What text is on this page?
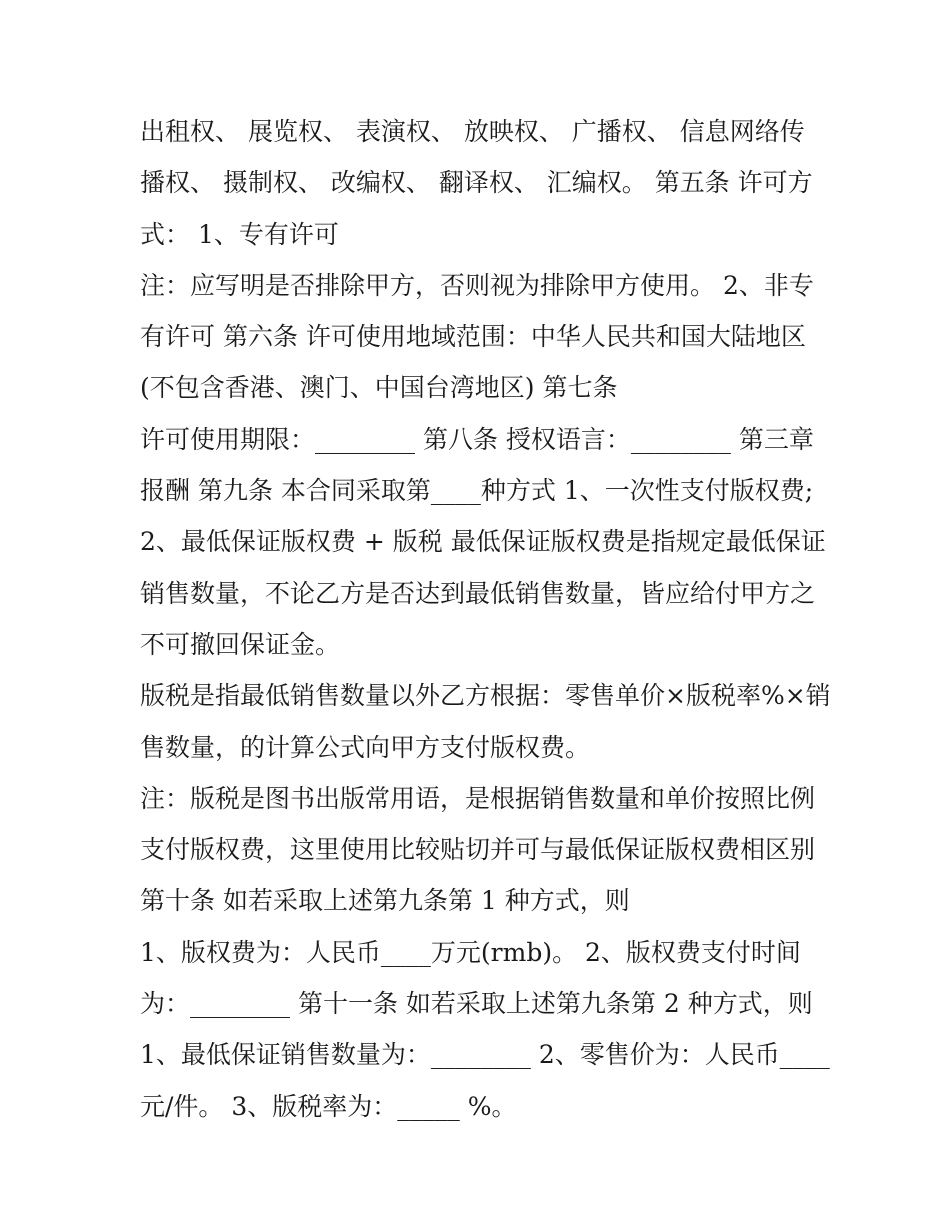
出租权、 展览权、 表演权、 放映权、 广播权、 信息网络传
播权、 摄制权、 改编权、 翻译权、 汇编权。 第五条 许可方
式： 1、专有许可
注：应写明是否排除甲方，否则视为排除甲方使用。 2、非专
有许可 第六条 许可使用地域范围：中华人民共和国大陆地区
(不包含香港、澳门、中国台湾地区) 第七条
许可使用期限：________ 第八条 授权语言：________ 第三章
报酬 第九条 本合同采取第____种方式 1、一次性支付版权费;
2、最低保证版权费 + 版税 最低保证版权费是指规定最低保证
销售数量，不论乙方是否达到最低销售数量，皆应给付甲方之
不可撤回保证金。
版税是指最低销售数量以外乙方根据：零售单价×版税率%×销
售数量，的计算公式向甲方支付版权费。
注：版税是图书出版常用语，是根据销售数量和单价按照比例
支付版权费，这里使用比较贴切并可与最低保证版权费相区别
第十条 如若采取上述第九条第 1 种方式，则
1、版权费为：人民币____万元(rmb)。 2、版权费支付时间
为：________ 第十一条 如若采取上述第九条第 2 种方式，则
1、最低保证销售数量为：________ 2、零售价为：人民币____
元/件。 3、版税率为：_____ %。
